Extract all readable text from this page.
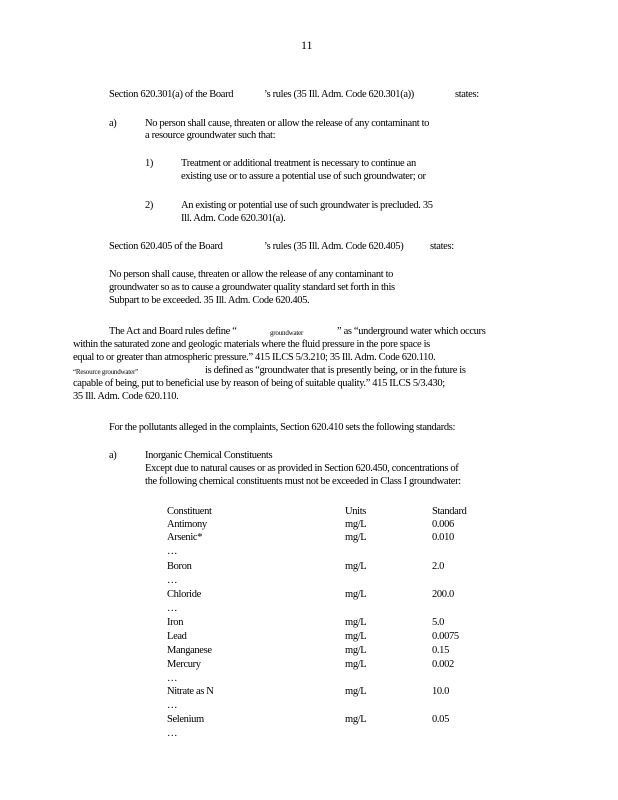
11
Section 620.301(a) of the Board	’s rules (35 Ill. Adm. Code 620.301(a))	states:
a)	No person shall cause, threaten or allow the release of any contaminant to
a resource groundwater such that:
1)	Treatment or additional treatment is necessary to continue an
existing use or to assure a potential use of such groundwater; or
2)	An existing or potential use of such groundwater is precluded. 35
Ill. Adm. Code 620.301(a).
Section 620.405 of the Board	’s rules (35 Ill. Adm. Code 620.405)	states:
No person shall cause, threaten or allow the release of any contaminant to
groundwater so as to cause a groundwater quality standard set forth in this
Subpart to be exceeded. 35 Ill. Adm. Code 620.405.
The Act and Board rules define “	groundwater	” as “underground water which occurs
within the saturated zone and geologic materials where the fluid pressure in the pore space is
equal to or greater than atmospheric pressure.” 415 ILCS 5/3.210; 35 Ill. Adm. Code 620.110.
“Resource groundwater”	is defined as “groundwater that is presently being, or in the future is
capable of being, put to beneficial use by reason of being of suitable quality.” 415 ILCS 5/3.430;
35 Ill. Adm. Code 620.110.
For the pollutants alleged in the complaints, Section 620.410 sets the following standards:
a)	Inorganic Chemical Constituents
Except due to natural causes or as provided in Section 620.450, concentrations of
the following chemical constituents must not be exceeded in Class I groundwater:
Constituent	Units	Standard
Antimony	mg/L	0.006
Arsenic*	mg/L	0.010
…
Boron	mg/L	2.0
…
Chloride	mg/L	200.0
…
Iron	mg/L	5.0
Lead	mg/L	0.0075
Manganese	mg/L	0.15
Mercury	mg/L	0.002
…
Nitrate as N	mg/L	10.0
…
Selenium	mg/L	0.05
…
